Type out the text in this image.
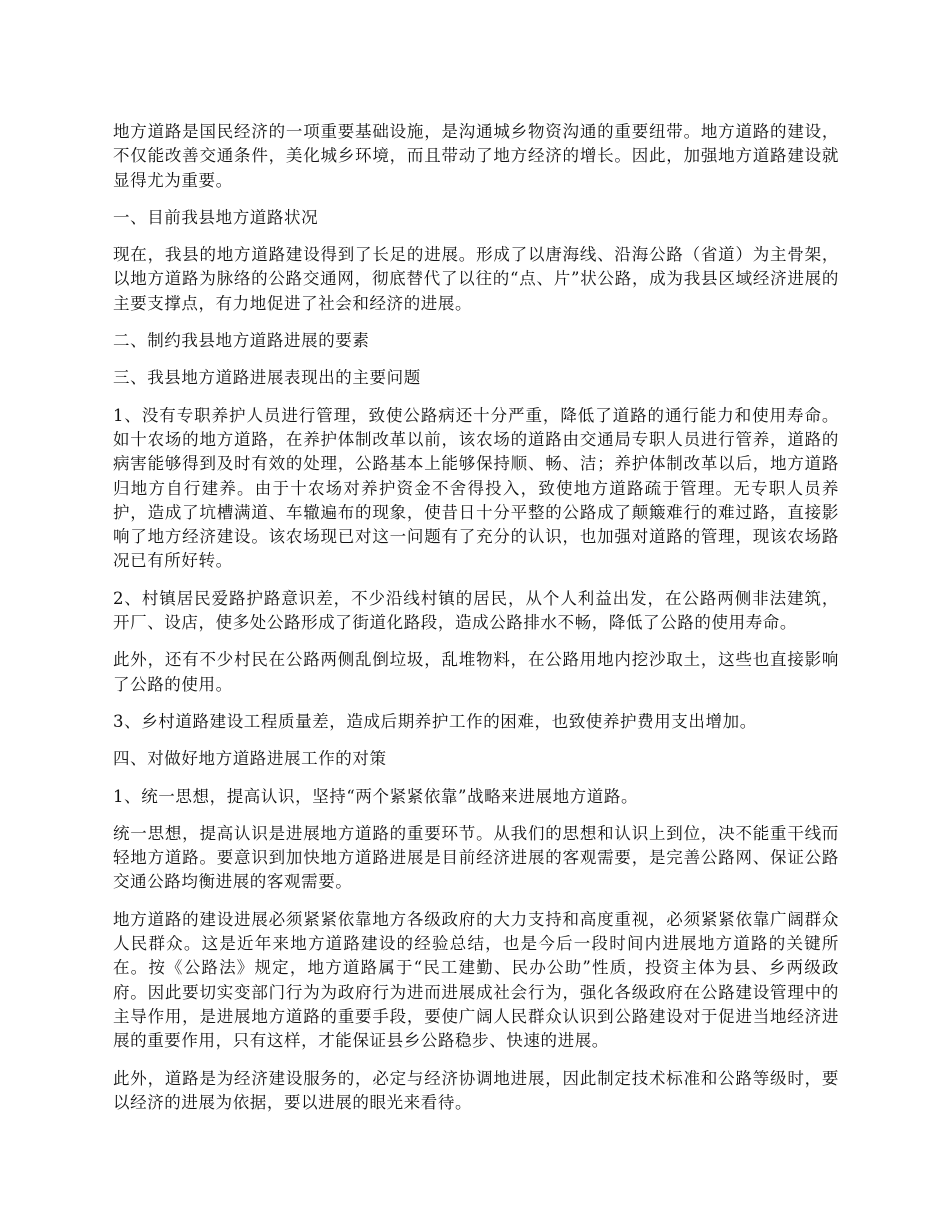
地方道路是国民经济的一项重要基础设施，是沟通城乡物资沟通的重要纽带。地方道路的建设，不仅能改善交通条件，美化城乡环境，而且带动了地方经济的增长。因此，加强地方道路建设就显得尤为重要。

一、目前我县地方道路状况

现在，我县的地方道路建设得到了长足的进展。形成了以唐海线、沿海公路（省道）为主骨架，以地方道路为脉络的公路交通网，彻底替代了以往的“点、片”状公路，成为我县区域经济进展的主要支撑点，有力地促进了社会和经济的进展。

二、制约我县地方道路进展的要素

三、我县地方道路进展表现出的主要问题

1、没有专职养护人员进行管理，致使公路病还十分严重，降低了道路的通行能力和使用寿命。如十农场的地方道路，在养护体制改革以前，该农场的道路由交通局专职人员进行管养，道路的病害能够得到及时有效的处理，公路基本上能够保持顺、畅、洁；养护体制改革以后，地方道路归地方自行建养。由于十农场对养护资金不舍得投入，致使地方道路疏于管理。无专职人员养护，造成了坑槽满道、车辙遍布的现象，使昔日十分平整的公路成了颠簸难行的难过路，直接影响了地方经济建设。该农场现已对这一问题有了充分的认识，也加强对道路的管理，现该农场路况已有所好转。

2、村镇居民爱路护路意识差，不少沿线村镇的居民，从个人利益出发，在公路两侧非法建筑，开厂、设店，使多处公路形成了街道化路段，造成公路排水不畅，降低了公路的使用寿命。

此外，还有不少村民在公路两侧乱倒垃圾，乱堆物料，在公路用地内挖沙取土，这些也直接影响了公路的使用。

3、乡村道路建设工程质量差，造成后期养护工作的困难，也致使养护费用支出增加。

四、对做好地方道路进展工作的对策

1、统一思想，提高认识，坚持“两个紧紧依靠”战略来进展地方道路。

统一思想，提高认识是进展地方道路的重要环节。从我们的思想和认识上到位，决不能重干线而轻地方道路。要意识到加快地方道路进展是目前经济进展的客观需要，是完善公路网、保证公路交通公路均衡进展的客观需要。

地方道路的建设进展必须紧紧依靠地方各级政府的大力支持和高度重视，必须紧紧依靠广阔群众人民群众。这是近年来地方道路建设的经验总结，也是今后一段时间内进展地方道路的关键所在。按《公路法》规定，地方道路属于“民工建勤、民办公助”性质，投资主体为县、乡两级政府。因此要切实变部门行为为政府行为进而进展成社会行为，强化各级政府在公路建设管理中的主导作用，是进展地方道路的重要手段，要使广阔人民群众认识到公路建设对于促进当地经济进展的重要作用，只有这样，才能保证县乡公路稳步、快速的进展。

此外，道路是为经济建设服务的，必定与经济协调地进展，因此制定技术标准和公路等级时，要以经济的进展为依据，要以进展的眼光来看待。
